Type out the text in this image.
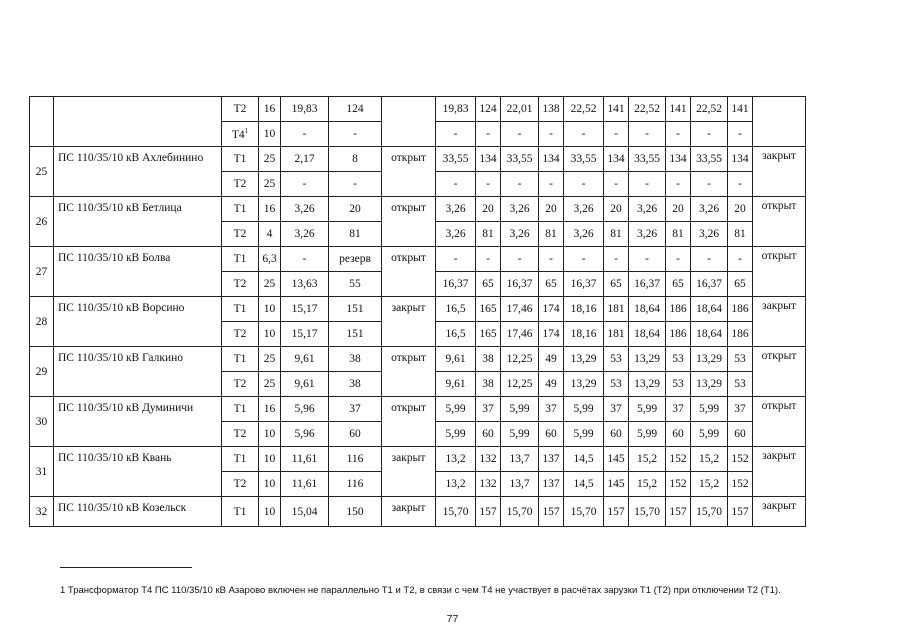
		T2	16	19,83	124		19,83	124	22,01	138	22,52	141	22,52	141	22,52	141	
		$T4^1$	10	-	-		-	-	-	-	-	-	-	-	-	-	
25	ПС 110/35/10 кВ Ахлебинино	T1	25	2,17	8	открыт	33,55	134	33,55	134	33,55	134	33,55	134	33,55	134	закрыт
		T2	25	-	-		-	-	-	-	-	-	-	-	-	-	
26	ПС 110/35/10 кВ Бетлица	T1	16	3,26	20	открыт	3,26	20	3,26	20	3,26	20	3,26	20	3,26	20	открыт
		T2	4	3,26	81		3,26	81	3,26	81	3,26	81	3,26	81	3,26	81	
27	ПС 110/35/10 кВ Болва	T1	6,3	-	резерв	открыт	-	-	-	-	-	-	-	-	-	-	открыт
		T2	25	13,63	55		16,37	65	16,37	65	16,37	65	16,37	65	16,37	65	
28	ПС 110/35/10 кВ Ворсино	T1	10	15,17	151	закрыт	16,5	165	17,46	174	18,16	181	18,64	186	18,64	186	закрыт
		T2	10	15,17	151		16,5	165	17,46	174	18,16	181	18,64	186	18,64	186	
29	ПС 110/35/10 кВ Галкино	T1	25	9,61	38	открыт	9,61	38	12,25	49	13,29	53	13,29	53	13,29	53	открыт
		T2	25	9,61	38		9,61	38	12,25	49	13,29	53	13,29	53	13,29	53	
30	ПС 110/35/10 кВ Думиничи	T1	16	5,96	37	открыт	5,99	37	5,99	37	5,99	37	5,99	37	5,99	37	открыт
		T2	10	5,96	60		5,99	60	5,99	60	5,99	60	5,99	60	5,99	60	
31	ПС 110/35/10 кВ Квань	T1	10	11,61	116	закрыт	13,2	132	13,7	137	14,5	145	15,2	152	15,2	152	закрыт
		T2	10	11,61	116		13,2	132	13,7	137	14,5	145	15,2	152	15,2	152	
32	ПС 110/35/10 кВ Козельск	T1	10	15,04	150	закрыт	15,70	157	15,70	157	15,70	157	15,70	157	15,70	157	закрыт
1 Трансформатор Т4 ПС 110/35/10 кВ Азарово включен не параллельно Т1 и Т2, в связи с чем Т4 не участвует в расчётах зарузки Т1 (Т2) при отключении Т2 (Т1).
77
